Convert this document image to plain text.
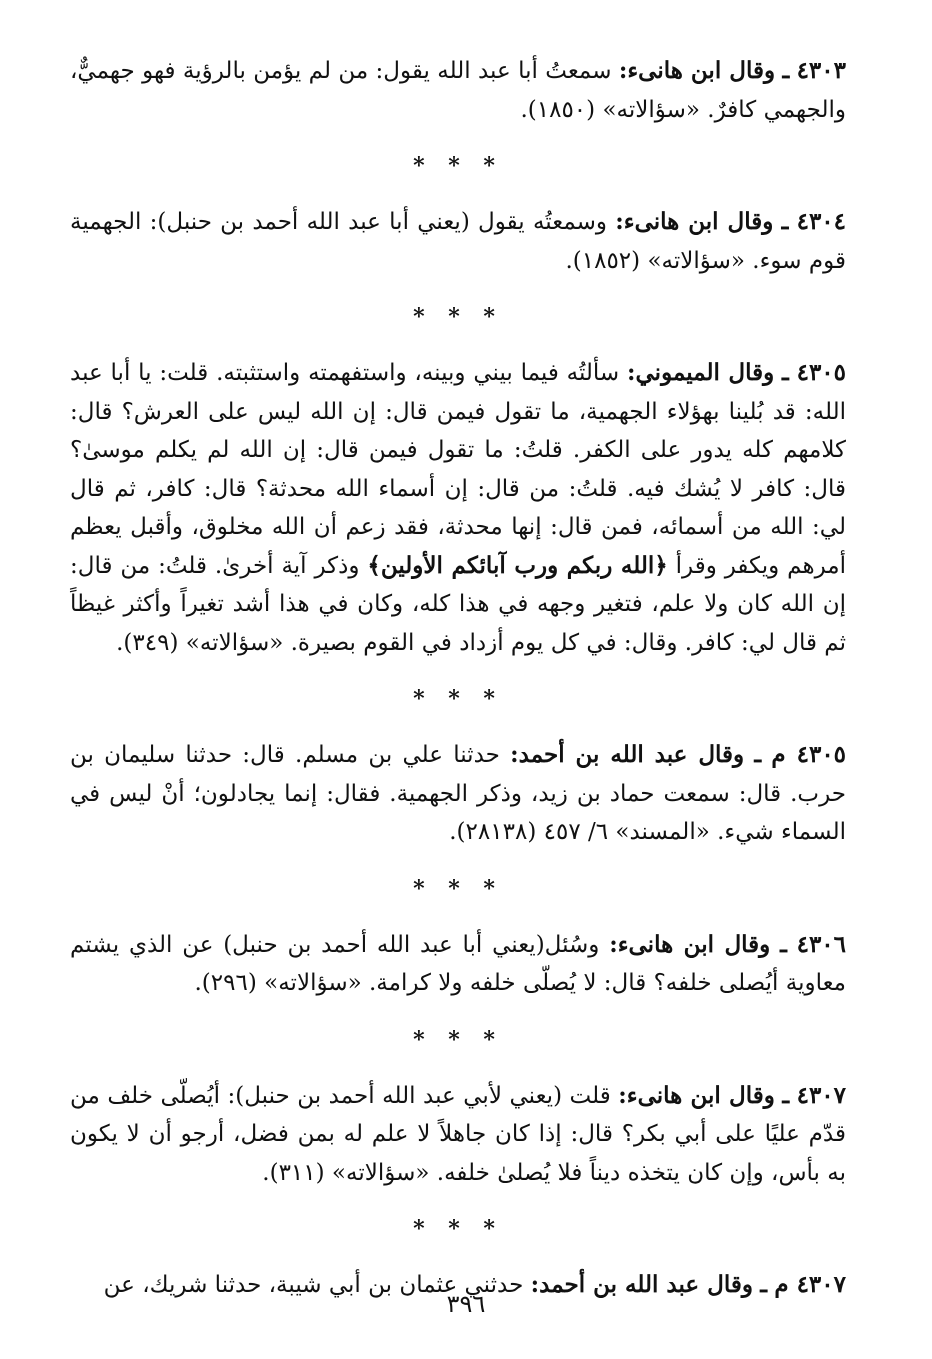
٤٣٠٣ ـ وقال ابن هانىء: سمعتُ أبا عبد الله يقول: من لم يؤمن بالرؤية فهو جهميٌّ، والجهمي كافرٌ. «سؤالاته» (١٨٥٠).

* * *

٤٣٠٤ ـ وقال ابن هانىء: وسمعتُه يقول (يعني أبا عبد الله أحمد بن حنبل): الجهمية قوم سوء. «سؤالاته» (١٨٥٢).

* * *

٤٣٠٥ ـ وقال الميموني: سألتُه فيما بيني وبينه، واستفهمته واستثبته. قلت: يا أبا عبد الله: قد بُلينا بهؤلاء الجهمية، ما تقول فيمن قال: إن الله ليس على العرش؟ قال: كلامهم كله يدور على الكفر. قلتُ: ما تقول فيمن قال: إن الله لم يكلم موسىٰ؟ قال: كافر لا يُشك فيه. قلتُ: من قال: إن أسماء الله محدثة؟ قال: كافر، ثم قال لي: الله من أسمائه، فمن قال: إنها محدثة، فقد زعم أن الله مخلوق، وأقبل يعظم أمرهم ويكفر وقرأ ﴿الله ربكم ورب آبائكم الأولين﴾ وذكر آية أخرىٰ. قلتُ: من قال: إن الله كان ولا علم، فتغير وجهه في هذا كله، وكان في هذا أشد تغيراً وأكثر غيظاً ثم قال لي: كافر. وقال: في كل يوم أزداد في القوم بصيرة. «سؤالاته» (٣٤٩).

* * *

٤٣٠٥ م ـ وقال عبد الله بن أحمد: حدثنا علي بن مسلم. قال: حدثنا سليمان بن حرب. قال: سمعت حماد بن زيد، وذكر الجهمية. فقال: إنما يجادلون؛ أنْ ليس في السماء شيء. «المسند» ٦/ ٤٥٧ (٢٨١٣٨).

* * *

٤٣٠٦ ـ وقال ابن هانىء: وسُئل(يعني أبا عبد الله أحمد بن حنبل) عن الذي يشتم معاوية أيُصلى خلفه؟ قال: لا يُصلّى خلفه ولا كرامة. «سؤالاته» (٢٩٦).

* * *

٤٣٠٧ ـ وقال ابن هانىء: قلت (يعني لأبي عبد الله أحمد بن حنبل): أيُصلّى خلف من قدّم عليًا على أبي بكر؟ قال: إذا كان جاهلاً لا علم له بمن فضل، أرجو أن لا يكون به بأس، وإن كان يتخذه ديناً فلا يُصلىٰ خلفه. «سؤالاته» (٣١١).

* * *

٤٣٠٧ م ـ وقال عبد الله بن أحمد: حدثني عثمان بن أبي شيبة، حدثنا شريك، عن

٣٩٦
